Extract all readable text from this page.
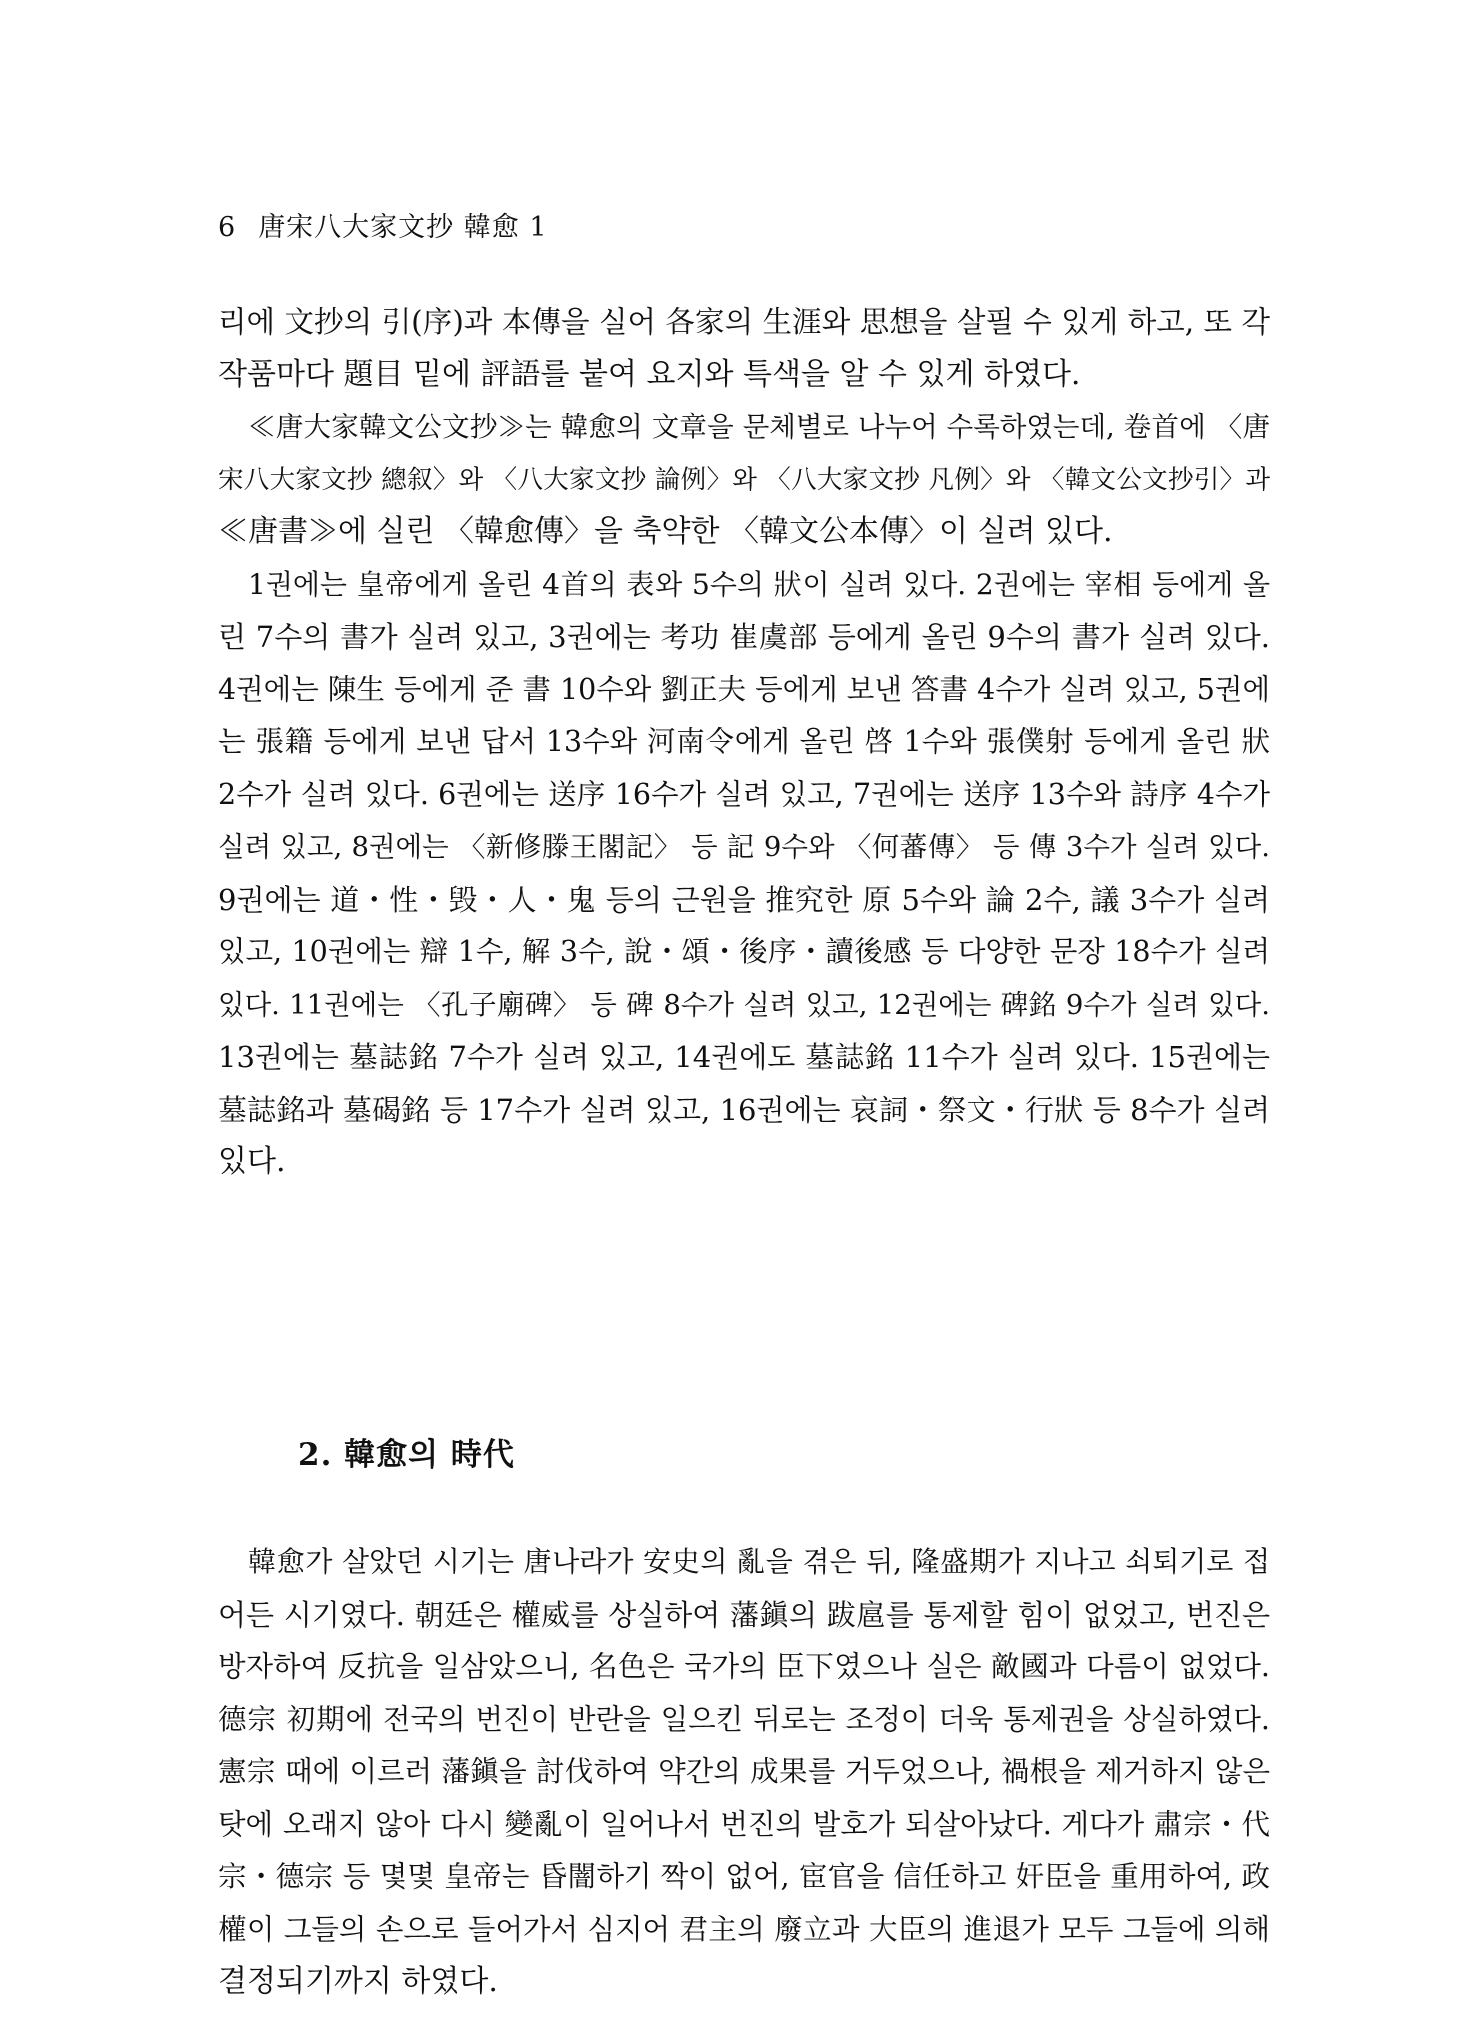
6 唐宋八大家文抄 韓愈 1
리에 文抄의 引(序)과 本傳을 실어 各家의 生涯와 思想을 살필 수 있게 하고, 또 각
작품마다 題目 밑에 評語를 붙여 요지와 특색을 알 수 있게 하였다.
≪唐大家韓文公文抄≫는 韓愈의 文章을 문체별로 나누어 수록하였는데, 卷首에 〈唐
宋八大家文抄 總叙〉와 〈八大家文抄 論例〉와 〈八大家文抄 凡例〉와 〈韓文公文抄引〉과
≪唐書≫에 실린 〈韓愈傳〉을 축약한 〈韓文公本傳〉이 실려 있다.
1권에는 皇帝에게 올린 4首의 表와 5수의 狀이 실려 있다. 2권에는 宰相 등에게 올
린 7수의 書가 실려 있고, 3권에는 考功 崔虞部 등에게 올린 9수의 書가 실려 있다.
4권에는 陳生 등에게 준 書 10수와 劉正夫 등에게 보낸 答書 4수가 실려 있고, 5권에
는 張籍 등에게 보낸 답서 13수와 河南令에게 올린 啓 1수와 張僕射 등에게 올린 狀
2수가 실려 있다. 6권에는 送序 16수가 실려 있고, 7권에는 送序 13수와 詩序 4수가
실려 있고, 8권에는 〈新修滕王閣記〉 등 記 9수와 〈何蕃傳〉 등 傳 3수가 실려 있다.
9권에는 道・性・毁・人・鬼 등의 근원을 推究한 原 5수와 論 2수, 議 3수가 실려
있고, 10권에는 辯 1수, 解 3수, 說・頌・後序・讀後感 등 다양한 문장 18수가 실려
있다. 11권에는 〈孔子廟碑〉 등 碑 8수가 실려 있고, 12권에는 碑銘 9수가 실려 있다.
13권에는 墓誌銘 7수가 실려 있고, 14권에도 墓誌銘 11수가 실려 있다. 15권에는
墓誌銘과 墓碣銘 등 17수가 실려 있고, 16권에는 哀詞・祭文・行狀 등 8수가 실려
있다.
2. 韓愈의 時代
韓愈가 살았던 시기는 唐나라가 安史의 亂을 겪은 뒤, 隆盛期가 지나고 쇠퇴기로 접
어든 시기였다. 朝廷은 權威를 상실하여 藩鎭의 跋扈를 통제할 힘이 없었고, 번진은
방자하여 反抗을 일삼았으니, 名色은 국가의 臣下였으나 실은 敵國과 다름이 없었다.
德宗 初期에 전국의 번진이 반란을 일으킨 뒤로는 조정이 더욱 통제권을 상실하였다.
憲宗 때에 이르러 藩鎭을 討伐하여 약간의 成果를 거두었으나, 禍根을 제거하지 않은
탓에 오래지 않아 다시 變亂이 일어나서 번진의 발호가 되살아났다. 게다가 肅宗・代
宗・德宗 등 몇몇 皇帝는 昏闇하기 짝이 없어, 宦官을 信任하고 奸臣을 重用하여, 政
權이 그들의 손으로 들어가서 심지어 君主의 廢立과 大臣의 進退가 모두 그들에 의해
결정되기까지 하였다.
